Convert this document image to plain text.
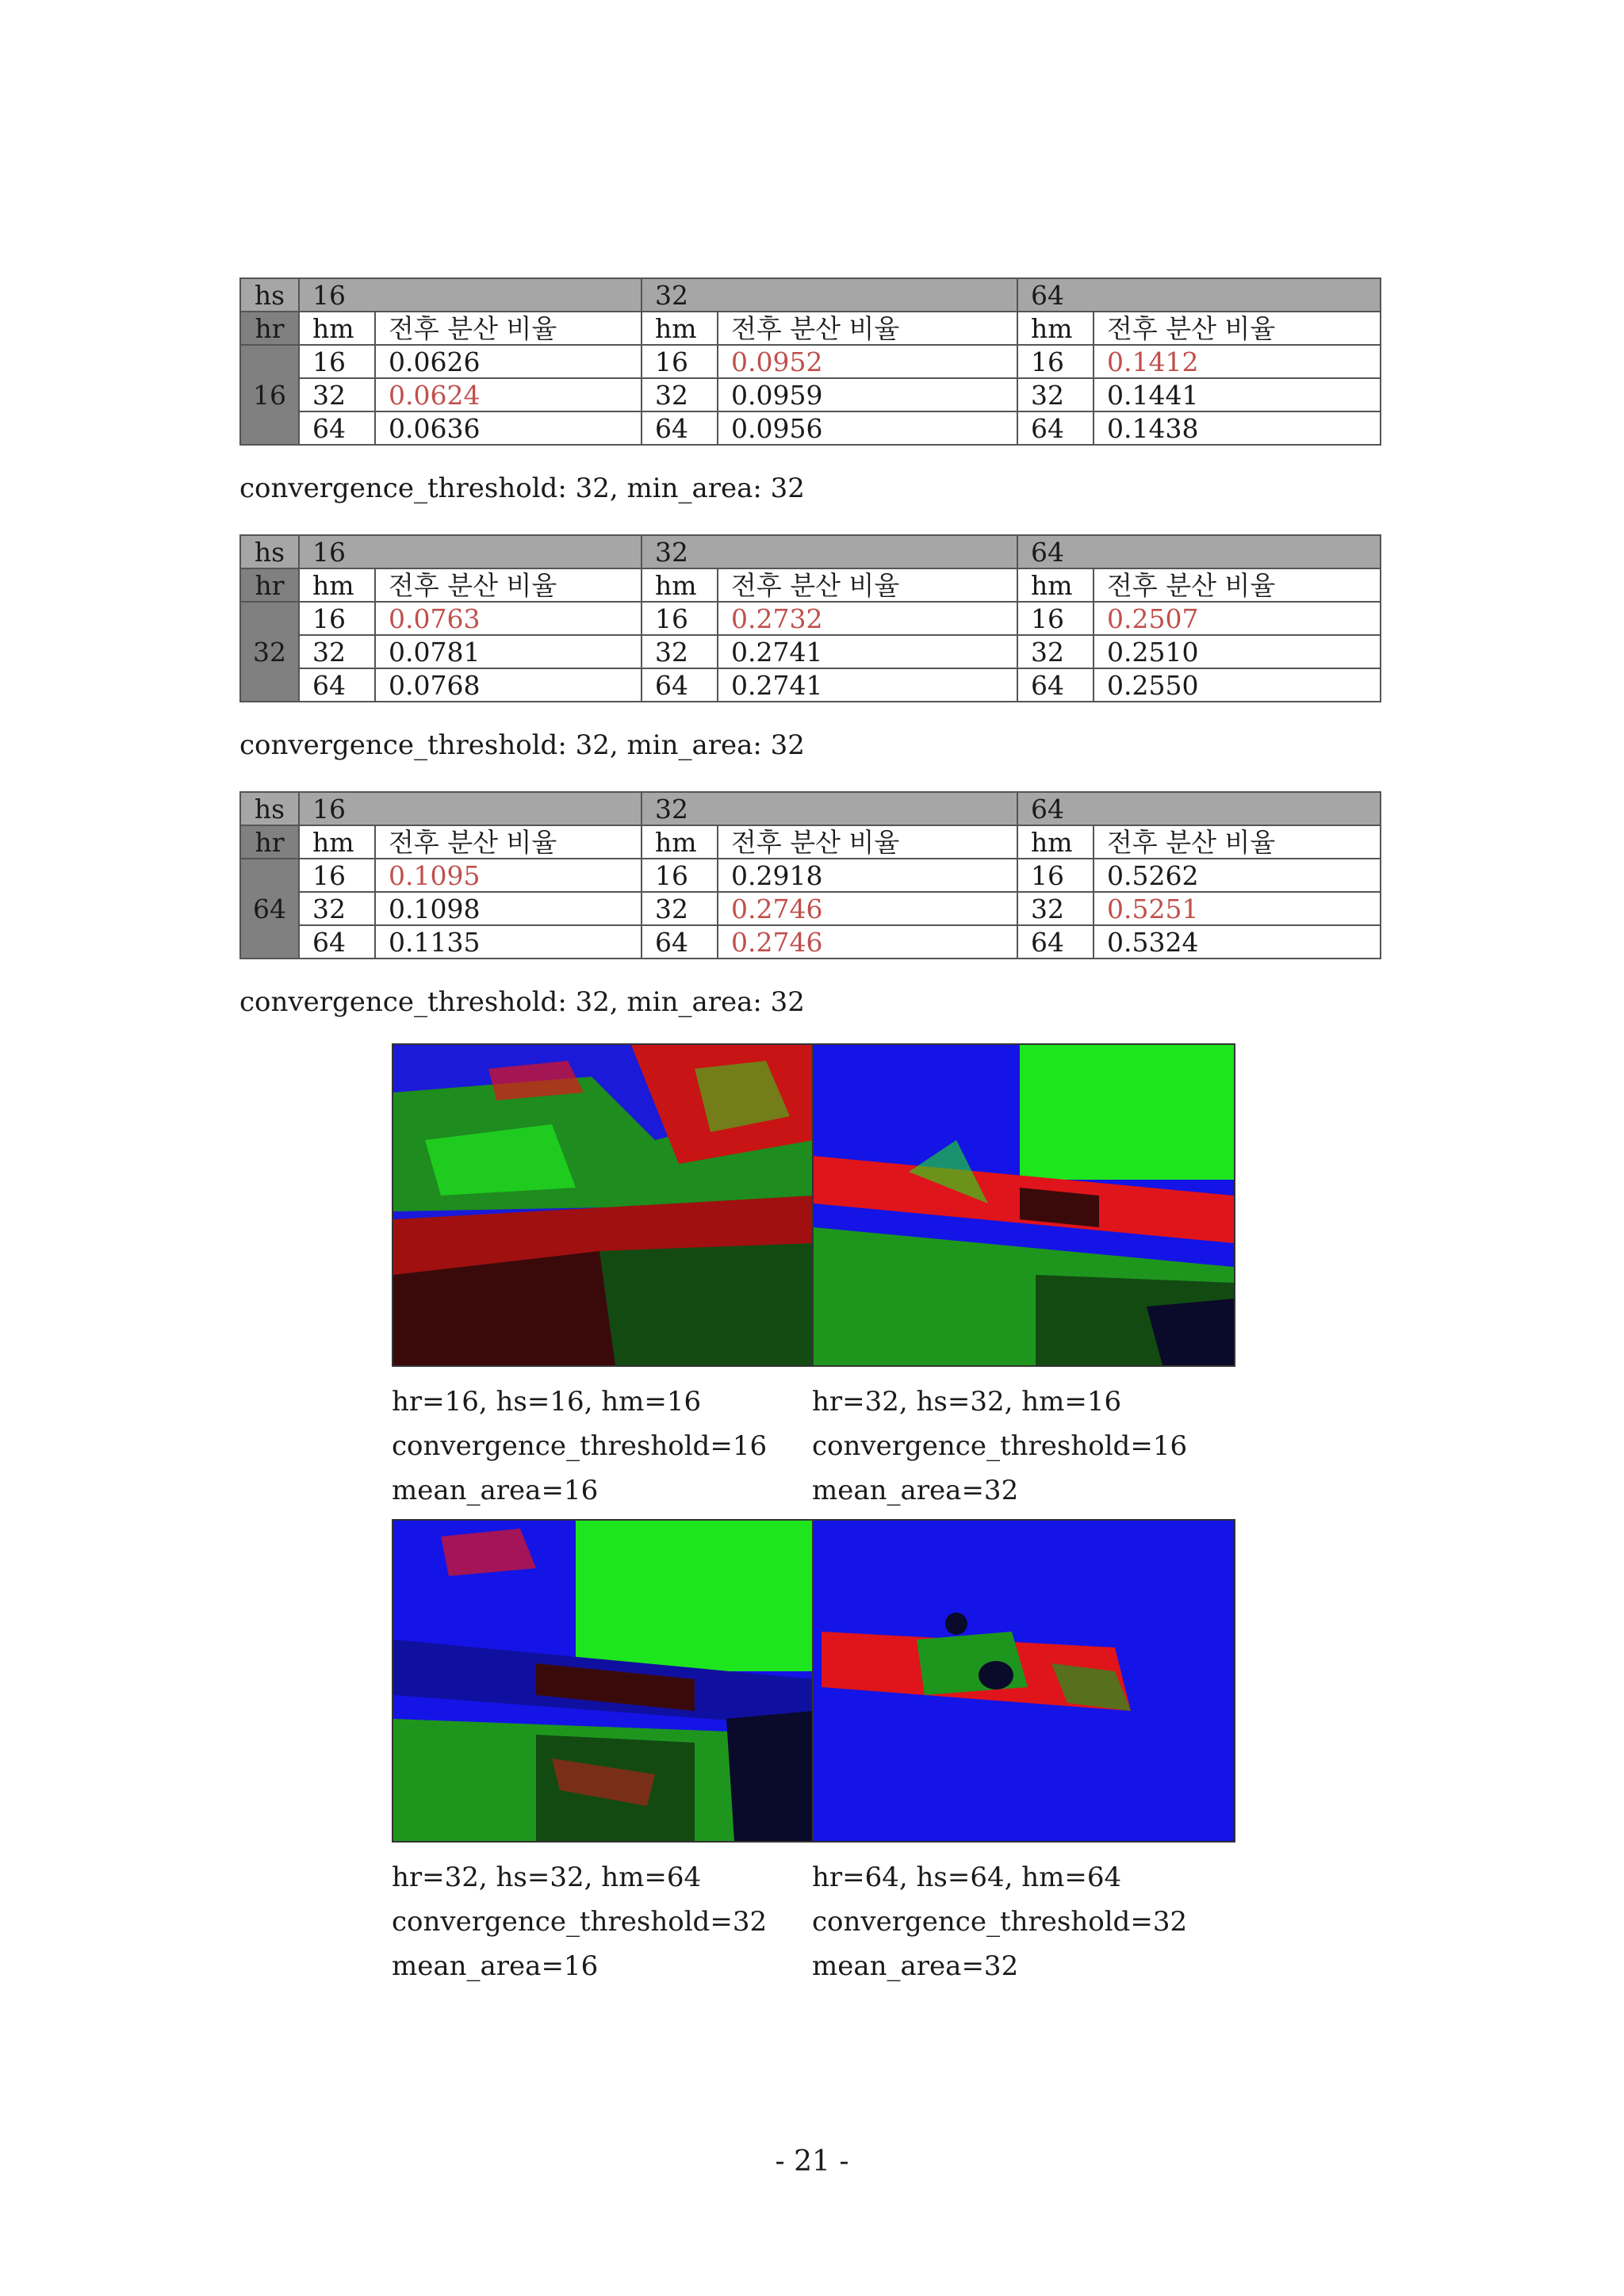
hs	16		32		64	
hr	hm	전후 분산 비율	hm	전후 분산 비율	hm	전후 분산 비율
16	16	0.0626	16	0.0952	16	0.1412
	32	0.0624	32	0.0959	32	0.1441
	64	0.0636	64	0.0956	64	0.1438
convergence_threshold: 32, min_area: 32
hs	16		32		64	
hr	hm	전후 분산 비율	hm	전후 분산 비율	hm	전후 분산 비율
32	16	0.0763	16	0.2732	16	0.2507
	32	0.0781	32	0.2741	32	0.2510
	64	0.0768	64	0.2741	64	0.2550
convergence_threshold: 32, min_area: 32
hs	16		32		64	
hr	hm	전후 분산 비율	hm	전후 분산 비율	hm	전후 분산 비율
64	16	0.1095	16	0.2918	16	0.5262
	32	0.1098	32	0.2746	32	0.5251
	64	0.1135	64	0.2746	64	0.5324
convergence_threshold: 32, min_area: 32
hr=16, hs=16, hm=16
convergence_threshold=16
mean_area=16
hr=32, hs=32, hm=16
convergence_threshold=16
mean_area=32
hr=32, hs=32, hm=64
convergence_threshold=32
mean_area=16
hr=64, hs=64, hm=64
convergence_threshold=32
mean_area=32
- 21 -
